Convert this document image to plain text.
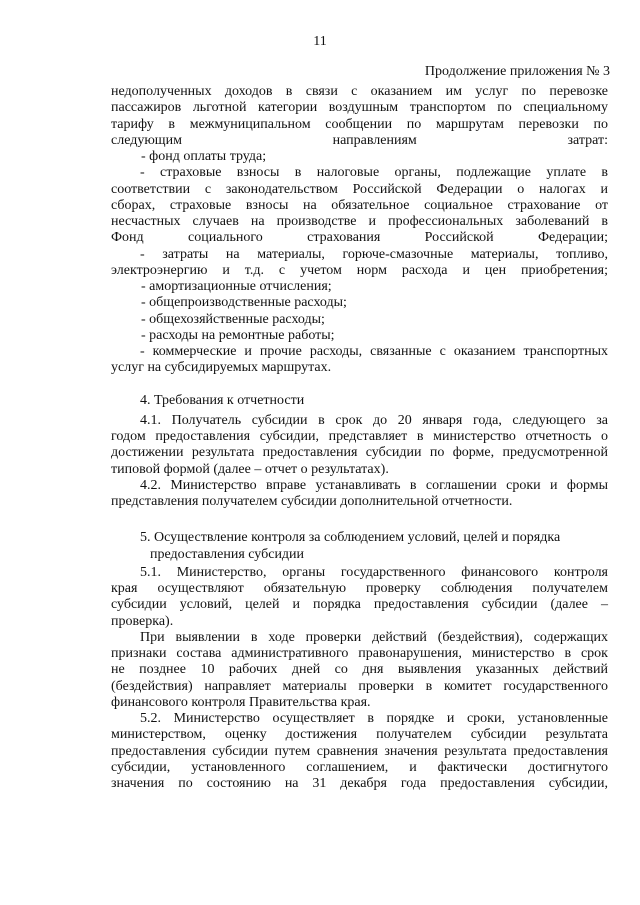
11
Продолжение приложения № 3

недополученных доходов в связи с оказанием им услуг по перевозке
пассажиров льготной категории воздушным транспортом по специальному
тарифу в межмуниципальном сообщении по маршрутам перевозки по
следующим направлениям затрат:

- фонд оплаты труда;

- страховые взносы в налоговые органы, подлежащие уплате в
соответствии с законодательством Российской Федерации о налогах и
сборах, страховые взносы на обязательное социальное страхование от
несчастных случаев на производстве и профессиональных заболеваний в
Фонд социального страхования Российской Федерации;

- затраты на материалы, горюче-смазочные материалы, топливо,
электроэнергию и т.д. с учетом норм расхода и цен приобретения;

- амортизационные отчисления;

- общепроизводственные расходы;

- общехозяйственные расходы;

- расходы на ремонтные работы;

- коммерческие и прочие расходы, связанные с оказанием транспортных
услуг на субсидируемых маршрутах.

4. Требования к отчетности

4.1. Получатель субсидии в срок до 20 января года, следующего за
годом предоставления субсидии, представляет в министерство отчетность о
достижении результата предоставления субсидии по форме, предусмотренной
типовой формой (далее – отчет о результатах).

4.2. Министерство вправе устанавливать в соглашении сроки и формы
представления получателем субсидии дополнительной отчетности.

5. Осуществление контроля за соблюдением условий, целей и порядка
предоставления субсидии

5.1. Министерство, органы государственного финансового контроля
края осуществляют обязательную проверку соблюдения получателем
субсидии условий, целей и порядка предоставления субсидии (далее –
проверка).

При выявлении в ходе проверки действий (бездействия), содержащих
признаки состава административного правонарушения, министерство в срок
не позднее 10 рабочих дней со дня выявления указанных действий
(бездействия) направляет материалы проверки в комитет государственного
финансового контроля Правительства края.

5.2. Министерство осуществляет в порядке и сроки, установленные
министерством, оценку достижения получателем субсидии результата
предоставления субсидии путем сравнения значения результата предоставления
субсидии, установленного соглашением, и фактически достигнутого
значения по состоянию на 31 декабря года предоставления субсидии,
